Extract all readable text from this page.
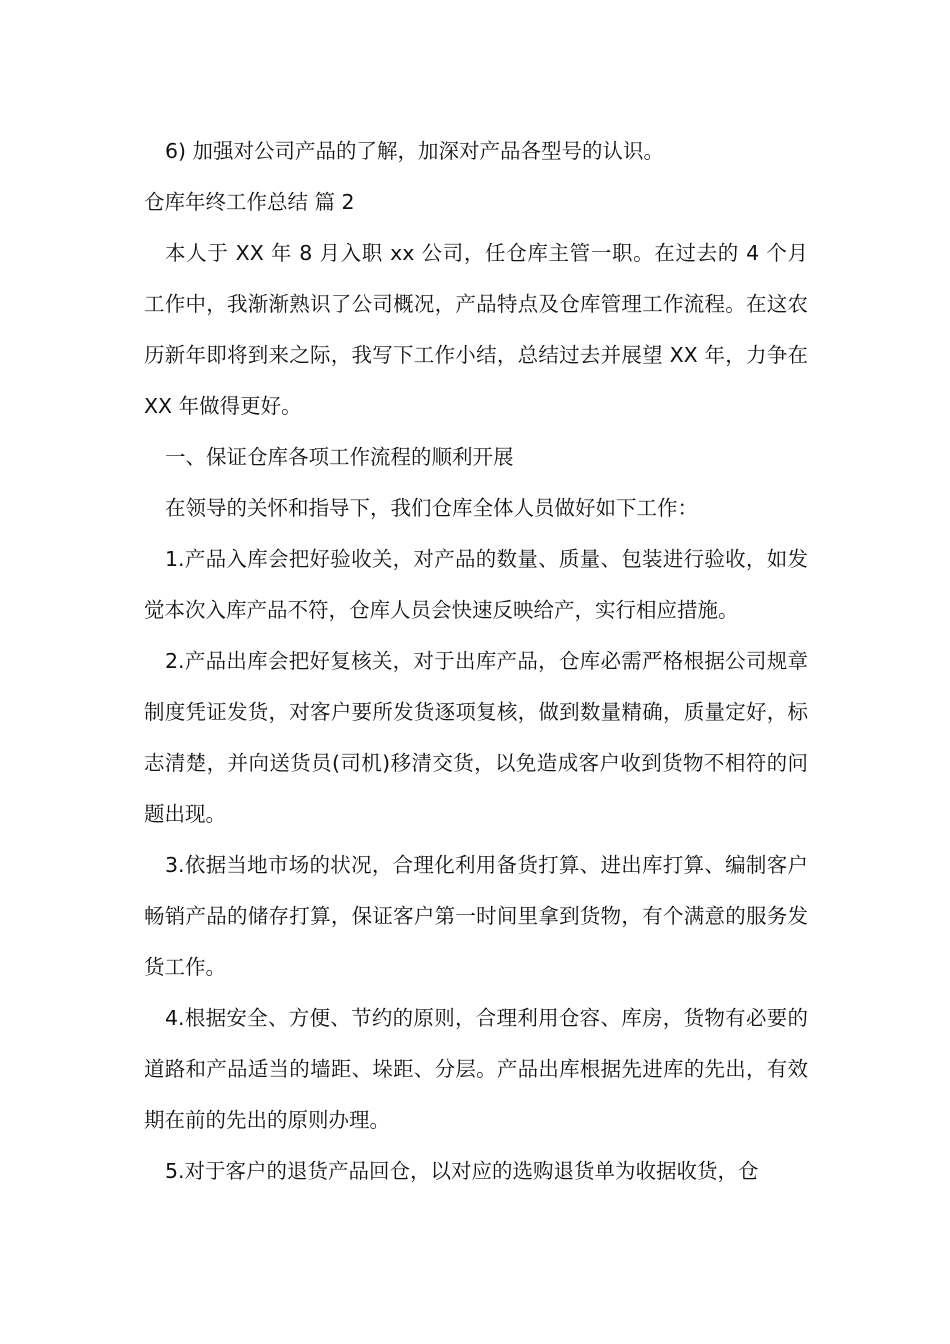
6) 加强对公司产品的了解，加深对产品各型号的认识。

仓库年终工作总结 篇 2

本人于 XX 年 8 月入职 xx 公司，任仓库主管一职。在过去的 4 个月工作中，我渐渐熟识了公司概况，产品特点及仓库管理工作流程。在这农历新年即将到来之际，我写下工作小结，总结过去并展望 XX 年，力争在 XX 年做得更好。

一、保证仓库各项工作流程的顺利开展

在领导的关怀和指导下，我们仓库全体人员做好如下工作：

1.产品入库会把好验收关，对产品的数量、质量、包装进行验收，如发觉本次入库产品不符，仓库人员会快速反映给产，实行相应措施。

2.产品出库会把好复核关，对于出库产品，仓库必需严格根据公司规章制度凭证发货，对客户要所发货逐项复核，做到数量精确，质量定好，标志清楚，并向送货员(司机)移清交货，以免造成客户收到货物不相符的问题出现。

3.依据当地市场的状况，合理化利用备货打算、进出库打算、编制客户畅销产品的储存打算，保证客户第一时间里拿到货物，有个满意的服务发货工作。

4.根据安全、方便、节约的原则，合理利用仓容、库房，货物有必要的道路和产品适当的墙距、垛距、分层。产品出库根据先进库的先出，有效期在前的先出的原则办理。

5.对于客户的退货产品回仓，以对应的选购退货单为收据收货，仓
